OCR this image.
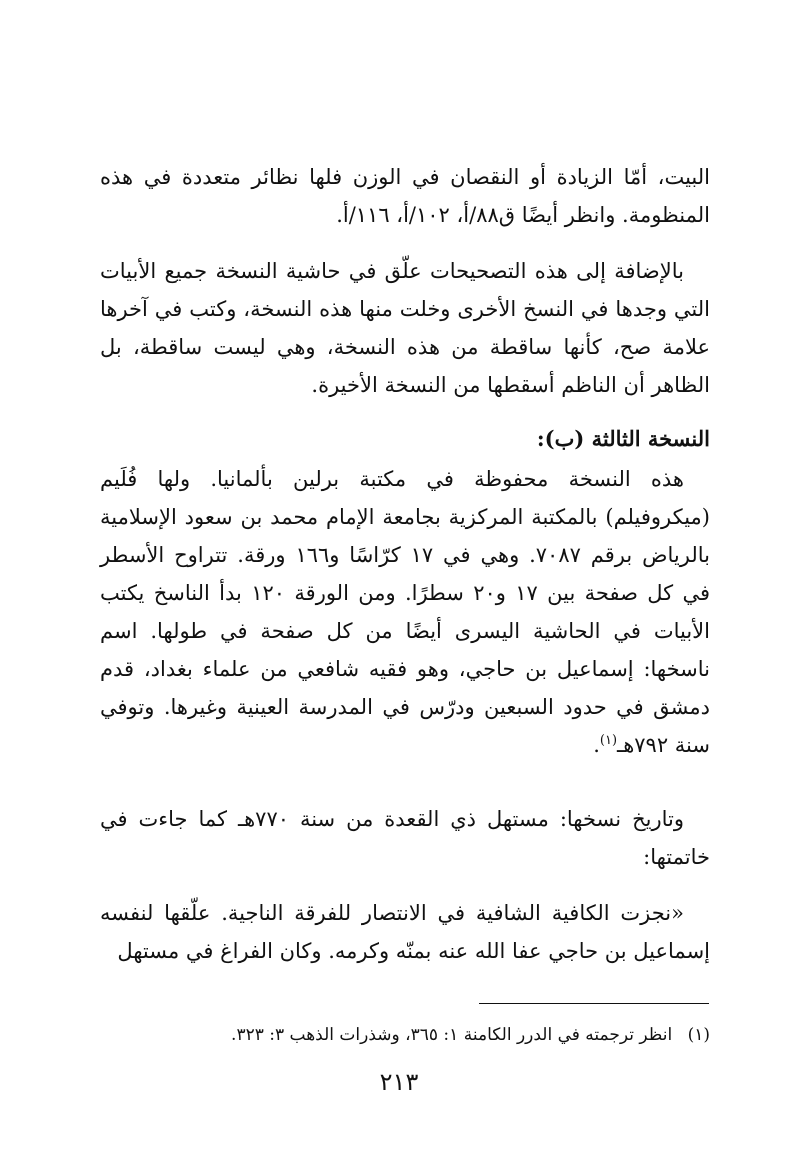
البيت، أمّا الزيادة أو النقصان في الوزن فلها نظائر متعددة في هذه المنظومة. وانظر أيضًا ق٨٨/أ، ١٠٢/أ، ١١٦/أ.

بالإضافة إلى هذه التصحيحات علّق في حاشية النسخة جميع الأبيات التي وجدها في النسخ الأخرى وخلت منها هذه النسخة، وكتب في آخرها علامة صح، كأنها ساقطة من هذه النسخة، وهي ليست ساقطة، بل الظاهر أن الناظم أسقطها من النسخة الأخيرة.

النسخة الثالثة (ب):

هذه النسخة محفوظة في مكتبة برلين بألمانيا. ولها فُلَيم (ميكروفيلم) بالمكتبة المركزية بجامعة الإمام محمد بن سعود الإسلامية بالرياض برقم ٧٠٨٧. وهي في ١٧ كرّاسًا و١٦٦ ورقة. تتراوح الأسطر في كل صفحة بين ١٧ و٢٠ سطرًا. ومن الورقة ١٢٠ بدأ الناسخ يكتب الأبيات في الحاشية اليسرى أيضًا من كل صفحة في طولها. اسم ناسخها: إسماعيل بن حاجي، وهو فقيه شافعي من علماء بغداد، قدم دمشق في حدود السبعين ودرّس في المدرسة العينية وغيرها. وتوفي سنة ٧٩٢هـ$^{(١)}$.

وتاريخ نسخها: مستهل ذي القعدة من سنة ٧٧٠هـ كما جاءت في خاتمتها:

«نجزت الكافية الشافية في الانتصار للفرقة الناجية. علّقها لنفسه إسماعيل بن حاجي عفا الله عنه بمنّه وكرمه. وكان الفراغ في مستهل

(١) انظر ترجمته في الدرر الكامنة ١: ٣٦٥، وشذرات الذهب ٣: ٣٢٣.
٢١٣
